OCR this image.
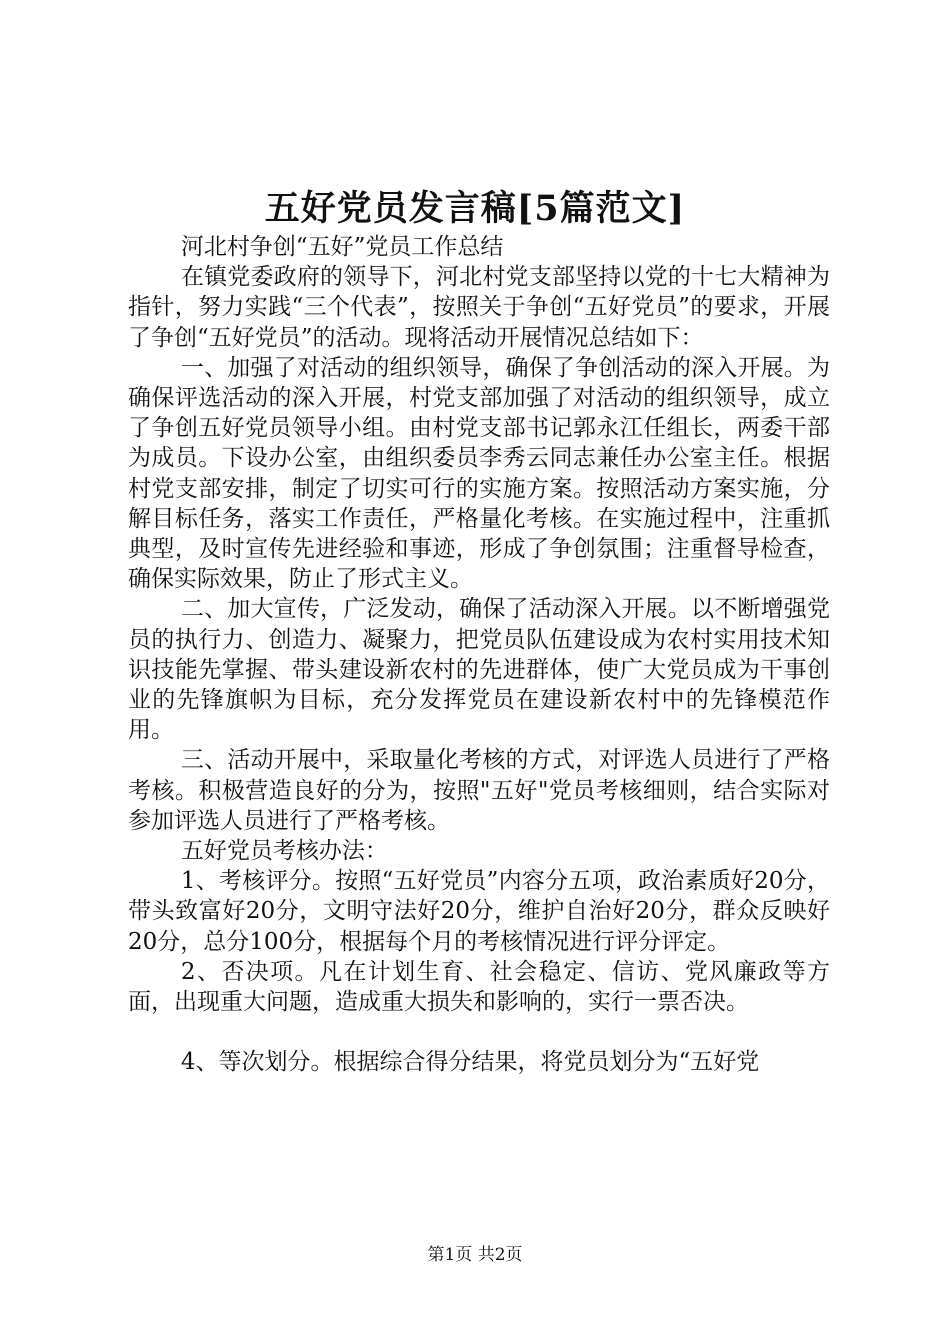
五好党员发言稿[5篇范文]

河北村争创“五好”党员工作总结

在镇党委政府的领导下，河北村党支部坚持以党的十七大精神为指针，努力实践“三个代表”，按照关于争创“五好党员”的要求，开展了争创“五好党员”的活动。现将活动开展情况总结如下：

一、加强了对活动的组织领导，确保了争创活动的深入开展。为确保评选活动的深入开展，村党支部加强了对活动的组织领导，成立了争创五好党员领导小组。由村党支部书记郭永江任组长，两委干部为成员。下设办公室，由组织委员李秀云同志兼任办公室主任。根据村党支部安排，制定了切实可行的实施方案。按照活动方案实施，分解目标任务，落实工作责任，严格量化考核。在实施过程中，注重抓典型，及时宣传先进经验和事迹，形成了争创氛围；注重督导检查，确保实际效果，防止了形式主义。

二、加大宣传，广泛发动，确保了活动深入开展。以不断增强党员的执行力、创造力、凝聚力，把党员队伍建设成为农村实用技术知识技能先掌握、带头建设新农村的先进群体，使广大党员成为干事创业的先锋旗帜为目标，充分发挥党员在建设新农村中的先锋模范作用。

三、活动开展中，采取量化考核的方式，对评选人员进行了严格考核。积极营造良好的分为，按照"五好"党员考核细则，结合实际对参加评选人员进行了严格考核。

五好党员考核办法：

1、考核评分。按照“五好党员”内容分五项，政治素质好20分，带头致富好20分，文明守法好20分，维护自治好20分，群众反映好20分，总分100分，根据每个月的考核情况进行评分评定。

2、否决项。凡在计划生育、社会稳定、信访、党风廉政等方面，出现重大问题，造成重大损失和影响的，实行一票否决。

4、等次划分。根据综合得分结果，将党员划分为“五好党

第1页 共2页
